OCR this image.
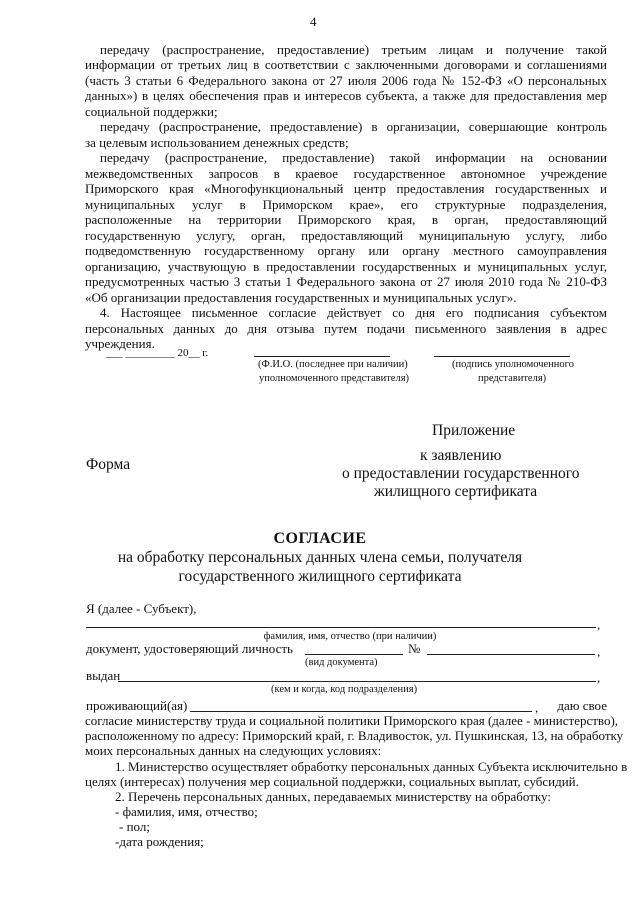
4
передачу (распространение, предоставление) третьим лицам и получение такой
информации от третьих лиц в соответствии с заключенными договорами и соглашениями
(часть 3 статьи 6 Федерального закона от 27 июля 2006 года № 152-ФЗ «О персональных
данных») в целях обеспечения прав и интересов субъекта, а также для предоставления мер
социальной поддержки;
передачу (распространение, предоставление) в организации, совершающие контроль
за целевым использованием денежных средств;
передачу (распространение, предоставление) такой информации на основании
межведомственных запросов в краевое государственное автономное учреждение
Приморского края «Многофункциональный центр предоставления государственных и
муниципальных услуг в Приморском крае», его структурные подразделения,
расположенные на территории Приморского края, в орган, предоставляющий
государственную услугу, орган, предоставляющий муниципальную услугу, либо
подведомственную государственному органу или органу местного самоуправления
организацию, участвующую в предоставлении государственных и муниципальных услуг,
предусмотренных частью 3 статьи 1 Федерального закона от 27 июля 2010 года № 210-ФЗ
«Об организации предоставления государственных и муниципальных услуг».
4. Настоящее письменное согласие действует со дня его подписания субъектом
персональных данных до дня отзыва путем подачи письменного заявления в адрес
учреждения.
___ _________ 20__ г.
(Ф.И.О. (последнее при наличии)
уполномоченного представителя)
(подпись уполномоченного
представителя)
Приложение
к заявлению
Форма
о предоставлении государственного
жилищного сертификата
СОГЛАСИЕ
на обработку персональных данных члена семьи, получателя
государственного жилищного сертификата
Я (далее - Субъект),
,
фамилия, имя, отчество (при наличии)
документ, удостоверяющий личность	№	,
(вид документа)
выдан	,
(кем и когда, код подразделения)
проживающий(ая)	,	даю свое
согласие министерству труда и социальной политики Приморского края (далее - министерство),
расположенному по адресу: Приморский край, г. Владивосток, ул. Пушкинская, 13, на обработку
моих персональных данных на следующих условиях:
1. Министерство осуществляет обработку персональных данных Субъекта исключительно в
целях (интересах) получения мер социальной поддержки, социальных выплат, субсидий.
2. Перечень персональных данных, передаваемых министерству на обработку:
- фамилия, имя, отчество;
- пол;
-дата рождения;
